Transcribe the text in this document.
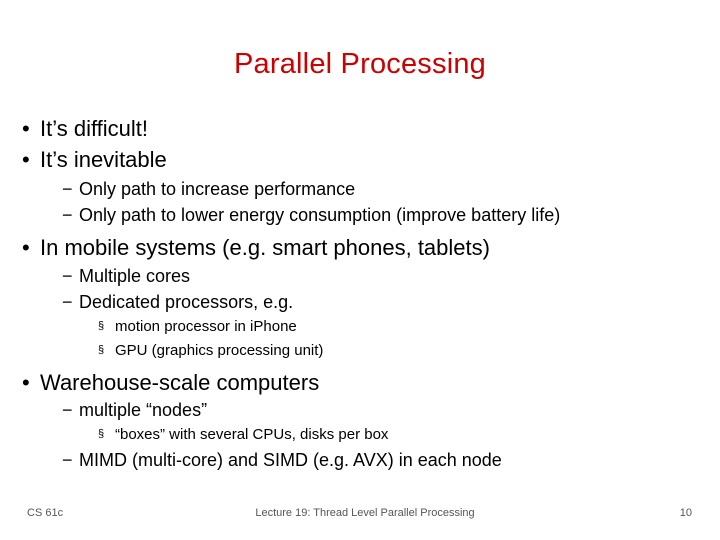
Parallel Processing
• It’s difficult!
• It’s inevitable
− Only path to increase performance
− Only path to lower energy consumption (improve battery life)
• In mobile systems (e.g. smart phones, tablets)
− Multiple cores
− Dedicated processors, e.g.
§ motion processor in iPhone
§ GPU (graphics processing unit)
• Warehouse-scale computers
− multiple “nodes”
§ “boxes” with several CPUs, disks per box
− MIMD (multi-core) and SIMD (e.g. AVX) in each node
CS 61c	Lecture 19: Thread Level Parallel Processing	10
